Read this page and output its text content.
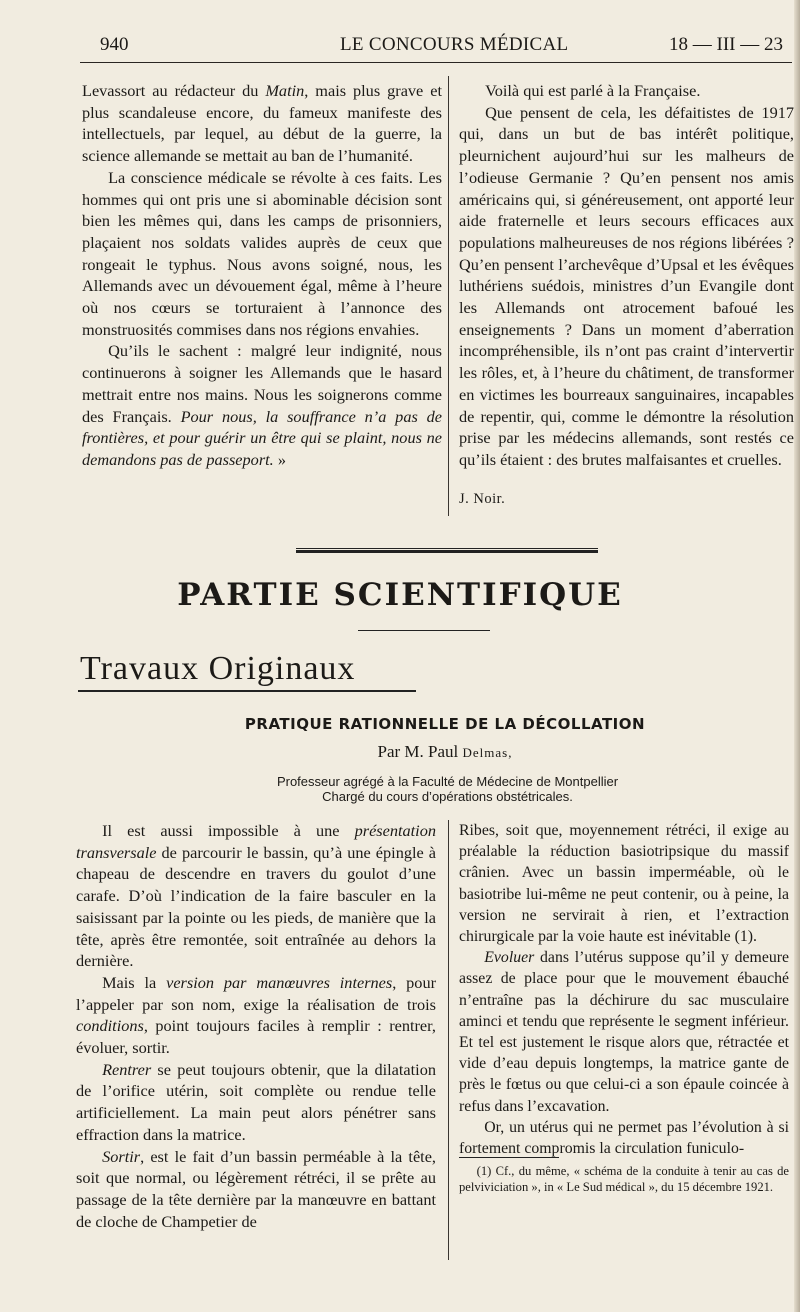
940	LE CONCOURS MÉDICAL	18 — III — 23

Levassort au rédacteur du Matin, mais plus grave et plus scandaleuse encore, du fameux manifeste des intellectuels, par lequel, au début de la guerre, la science allemande se mettait au ban de l’humanité.

La conscience médicale se révolte à ces faits. Les hommes qui ont pris une si abominable décision sont bien les mêmes qui, dans les camps de prisonniers, plaçaient nos soldats valides auprès de ceux que rongeait le typhus. Nous avons soigné, nous, les Allemands avec un dévouement égal, même à l’heure où nos cœurs se torturaient à l’annonce des monstruosités commises dans nos régions envahies.

Qu’ils le sachent : malgré leur indignité, nous continuerons à soigner les Allemands que le hasard mettrait entre nos mains. Nous les soignerons comme des Français. Pour nous, la souffrance n’a pas de frontières, et pour guérir un être qui se plaint, nous ne demandons pas de passeport. »

Voilà qui est parlé à la Française.

Que pensent de cela, les défaitistes de 1917 qui, dans un but de bas intérêt politique, pleurnichent aujourd’hui sur les malheurs de l’odieuse Germanie ? Qu’en pensent nos amis américains qui, si généreusement, ont apporté leur aide fraternelle et leurs secours efficaces aux populations malheureuses de nos régions libérées ? Qu’en pensent l’archevêque d’Upsal et les évêques luthériens suédois, ministres d’un Evangile dont les Allemands ont atrocement bafoué les enseignements ? Dans un moment d’aberration incompréhensible, ils n’ont pas craint d’intervertir les rôles, et, à l’heure du châtiment, de transformer en victimes les bourreaux sanguinaires, incapables de repentir, qui, comme le démontre la résolution prise par les médecins allemands, sont restés ce qu’ils étaient : des brutes malfaisantes et cruelles.

J. Noir.

PARTIE SCIENTIFIQUE
Travaux Originaux
PRATIQUE RATIONNELLE DE LA DÉCOLLATION
Par M. Paul Delmas,
Professeur agrégé à la Faculté de Médecine de Montpellier
Chargé du cours d’opérations obstétricales.

Il est aussi impossible à une présentation transversale de parcourir le bassin, qu’à une épingle à chapeau de descendre en travers du goulot d’une carafe. D’où l’indication de la faire basculer en la saisissant par la pointe ou les pieds, de manière que la tête, après être remontée, soit entraînée au dehors la dernière.

Mais la version par manœuvres internes, pour l’appeler par son nom, exige la réalisation de trois conditions, point toujours faciles à remplir : rentrer, évoluer, sortir.

Rentrer se peut toujours obtenir, que la dilatation de l’orifice utérin, soit complète ou rendue telle artificiellement. La main peut alors pénétrer sans effraction dans la matrice.

Sortir, est le fait d’un bassin perméable à la tête, soit que normal, ou légèrement rétréci, il se prête au passage de la tête dernière par la manœuvre en battant de cloche de Champetier de

Ribes, soit que, moyennement rétréci, il exige au préalable la réduction basiotripsique du massif crânien. Avec un bassin imperméable, où le basiotribe lui-même ne peut contenir, ou à peine, la version ne servirait à rien, et l’extraction chirurgicale par la voie haute est inévitable (1).

Evoluer dans l’utérus suppose qu’il y demeure assez de place pour que le mouvement ébauché n’entraîne pas la déchirure du sac musculaire aminci et tendu que représente le segment inférieur. Et tel est justement le risque alors que, rétractée et vide d’eau depuis longtemps, la matrice gante de près le fœtus ou que celui-ci a son épaule coincée à refus dans l’excavation.

Or, un utérus qui ne permet pas l’évolution à si fortement compromis la circulation funiculo-

(1) Cf., du même, « schéma de la conduite à tenir au cas de pelviviciation », in « Le Sud médical », du 15 décembre 1921.
